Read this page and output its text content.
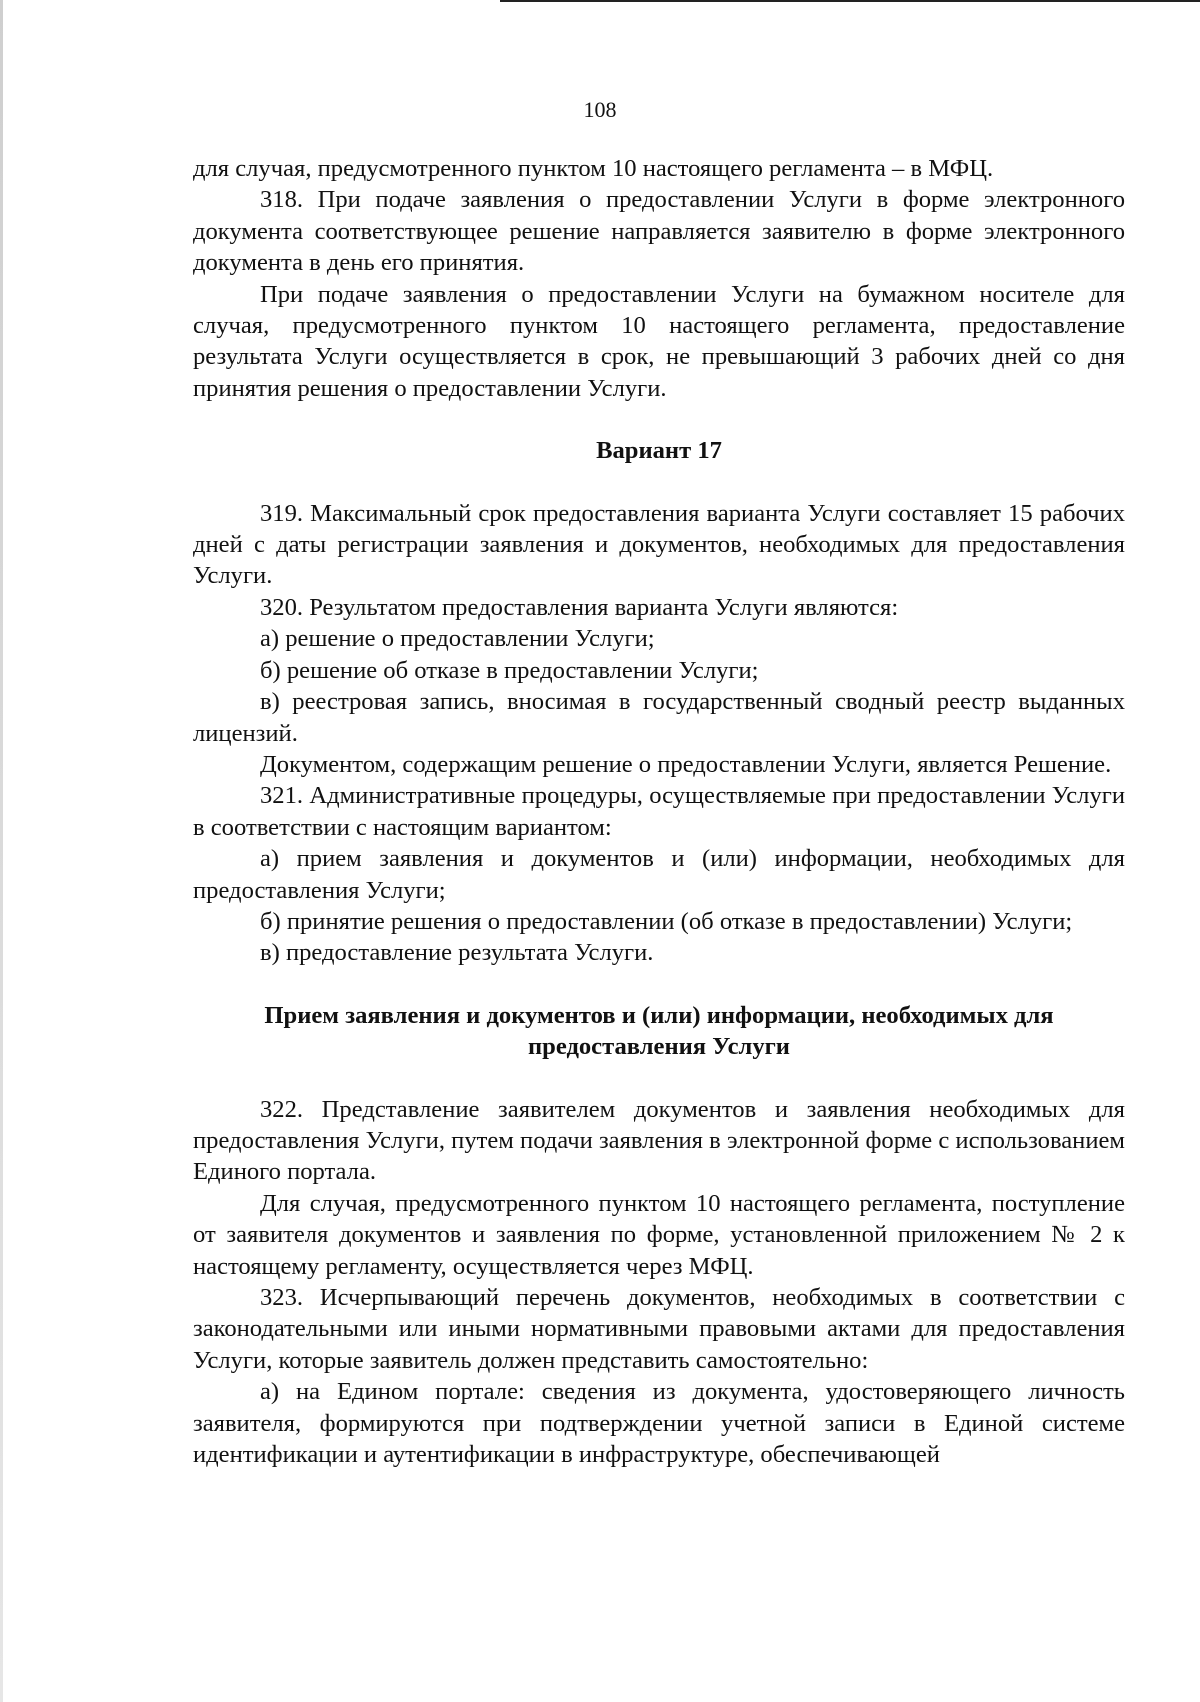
108

для случая, предусмотренного пунктом 10 настоящего регламента – в МФЦ.

318. При подаче заявления о предоставлении Услуги в форме электронного документа соответствующее решение направляется заявителю в форме электронного документа в день его принятия.

При подаче заявления о предоставлении Услуги на бумажном носителе для случая, предусмотренного пунктом 10 настоящего регламента, предоставление результата Услуги осуществляется в срок, не превышающий 3 рабочих дней со дня принятия решения о предоставлении Услуги.

Вариант 17

319. Максимальный срок предоставления варианта Услуги составляет 15 рабочих дней с даты регистрации заявления и документов, необходимых для предоставления Услуги.

320. Результатом предоставления варианта Услуги являются:

а) решение о предоставлении Услуги;

б) решение об отказе в предоставлении Услуги;

в) реестровая запись, вносимая в государственный сводный реестр выданных лицензий.

Документом, содержащим решение о предоставлении Услуги, является Решение.

321. Административные процедуры, осуществляемые при предоставлении Услуги в соответствии с настоящим вариантом:

а) прием заявления и документов и (или) информации, необходимых для предоставления Услуги;

б) принятие решения о предоставлении (об отказе в предоставлении) Услуги;

в) предоставление результата Услуги.

Прием заявления и документов и (или) информации, необходимых для
предоставления Услуги

322. Представление заявителем документов и заявления необходимых для предоставления Услуги, путем подачи заявления в электронной форме с использованием Единого портала.

Для случая, предусмотренного пунктом 10 настоящего регламента, поступление от заявителя документов и заявления по форме, установленной приложением № 2 к настоящему регламенту, осуществляется через МФЦ.

323. Исчерпывающий перечень документов, необходимых в соответствии с законодательными или иными нормативными правовыми актами для предоставления Услуги, которые заявитель должен представить самостоятельно:

а) на Едином портале: сведения из документа, удостоверяющего личность заявителя, формируются при подтверждении учетной записи в Единой системе идентификации и аутентификации в инфраструктуре, обеспечивающей
